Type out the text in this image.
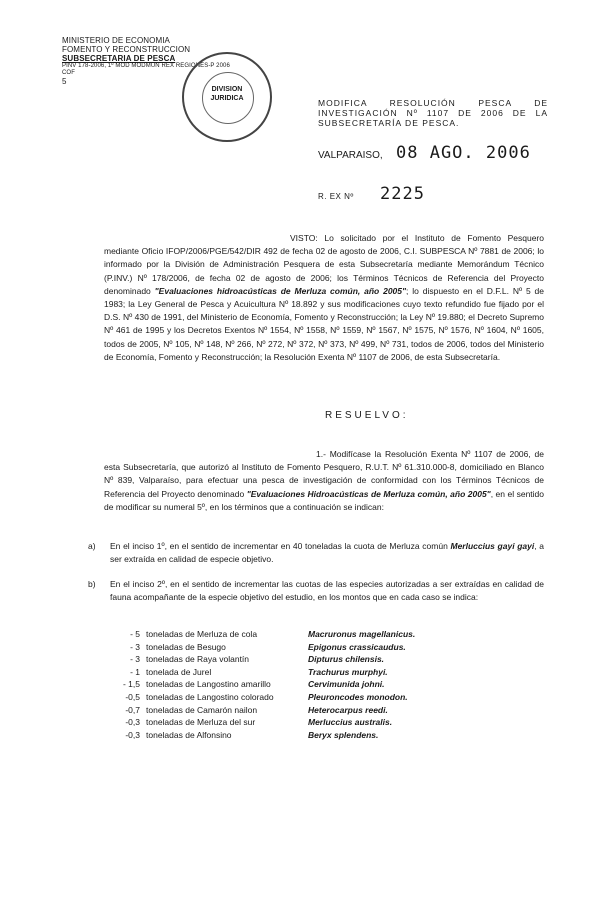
MINISTERIO DE ECONOMIA
FOMENTO Y RECONSTRUCCION
SUBSECRETARIA DE PESCA
PINV 178-2006, 1º MOD MODMUN REX REGIONES-P 2006
COF
5
DIVISION
JURIDICA	MODIFICA RESOLUCIÓN PESCA DE INVESTIGACIÓN Nº 1107 DE 2006 DE LA SUBSECRETARÍA DE PESCA.
VALPARAISO, 08 AGO. 2006
R. EX Nº 2225
VISTO: Lo solicitado por el Instituto de Fomento Pesquero mediante Oficio IFOP/2006/PGE/542/DIR 492 de fecha 02 de agosto de 2006, C.I. SUBPESCA Nº 7881 de 2006; lo informado por la División de Administración Pesquera de esta Subsecretaría mediante Memorándum Técnico (P.INV.) Nº 178/2006, de fecha 02 de agosto de 2006; los Términos Técnicos de Referencia del Proyecto denominado "Evaluaciones hidroacústicas de Merluza común, año 2005"; lo dispuesto en el D.F.L. Nº 5 de 1983; la Ley General de Pesca y Acuicultura Nº 18.892 y sus modificaciones cuyo texto refundido fue fijado por el D.S. Nº 430 de 1991, del Ministerio de Economía, Fomento y Reconstrucción; la Ley Nº 19.880; el Decreto Supremo Nº 461 de 1995 y los Decretos Exentos Nº 1554, Nº 1558, Nº 1559, Nº 1567, Nº 1575, Nº 1576, Nº 1604, Nº 1605, todos de 2005, Nº 105, Nº 148, Nº 266, Nº 272, Nº 372, Nº 373, Nº 499, Nº 731, todos de 2006, todos del Ministerio de Economía, Fomento y Reconstrucción; la Resolución Exenta Nº 1107 de 2006, de esta Subsecretaría.
RESUELVO:
1.- Modifícase la Resolución Exenta Nº 1107 de 2006, de esta Subsecretaría, que autorizó al Instituto de Fomento Pesquero, R.U.T. Nº 61.310.000-8, domiciliado en Blanco Nº 839, Valparaíso, para efectuar una pesca de investigación de conformidad con los Términos Técnicos de Referencia del Proyecto denominado "Evaluaciones Hidroacústicas de Merluza común, año 2005", en el sentido de modificar su numeral 5º, en los términos que a continuación se indican:
a) En el inciso 1º, en el sentido de incrementar en 40 toneladas la cuota de Merluza común Merluccius gayi gayi, a ser extraída en calidad de especie objetivo.
b) En el inciso 2º, en el sentido de incrementar las cuotas de las especies autorizadas a ser extraídas en calidad de fauna acompañante de la especie objetivo del estudio, en los montos que en cada caso se indica:
- 5 toneladas de Merluza de cola	Macruronus magellanicus.
- 3 toneladas de Besugo	Epigonus crassicaudus.
- 3 toneladas de Raya volantín	Dipturus chilensis.
- 1 tonelada de Jurel	Trachurus murphyi.
- 1,5 toneladas de Langostino amarillo	Cervimunida johni.
-0,5 toneladas de Langostino colorado	Pleuroncodes monodon.
-0,7 toneladas de Camarón nailon	Heterocarpus reedi.
-0,3 toneladas de Merluza del sur	Merluccius australis.
-0,3 toneladas de Alfonsino	Beryx splendens.
